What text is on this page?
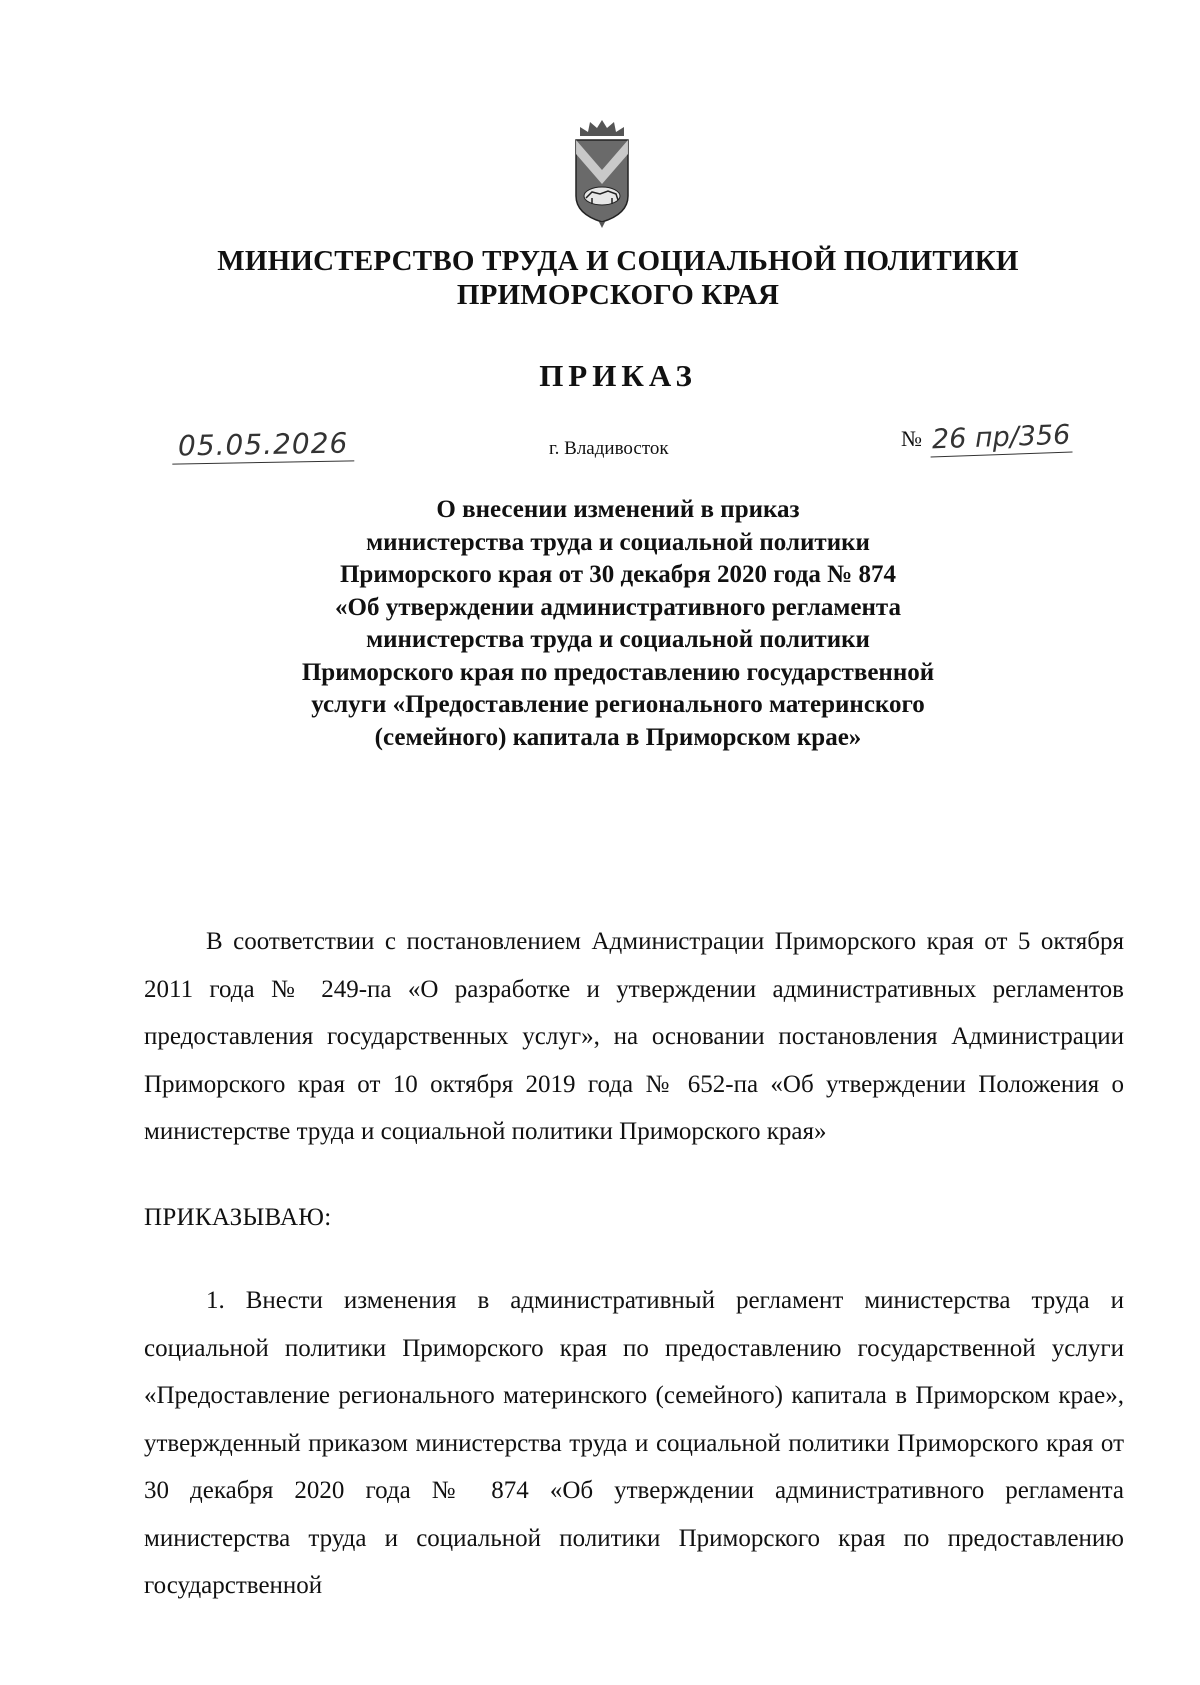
МИНИСТЕРСТВО ТРУДА И СОЦИАЛЬНОЙ ПОЛИТИКИ
ПРИМОРСКОГО КРАЯ
ПРИКАЗ
05.05.2026	г. Владивосток	№ 26 пр/356
О внесении изменений в приказ
министерства труда и социальной политики
Приморского края от 30 декабря 2020 года № 874
«Об утверждении административного регламента
министерства труда и социальной политики
Приморского края по предоставлению государственной
услуги «Предоставление регионального материнского
(семейного) капитала в Приморском крае»

В соответствии с постановлением Администрации Приморского края от 5 октября 2011 года № 249-па «О разработке и утверждении административных регламентов предоставления государственных услуг», на основании постановления Администрации Приморского края от 10 октября 2019 года № 652-па «Об утверждении Положения о министерстве труда и социальной политики Приморского края»

ПРИКАЗЫВАЮ:

1. Внести изменения в административный регламент министерства труда и социальной политики Приморского края по предоставлению государственной услуги «Предоставление регионального материнского (семейного) капитала в Приморском крае», утвержденный приказом министерства труда и социальной политики Приморского края от 30 декабря 2020 года № 874 «Об утверждении административного регламента министерства труда и социальной политики Приморского края по предоставлению государственной
